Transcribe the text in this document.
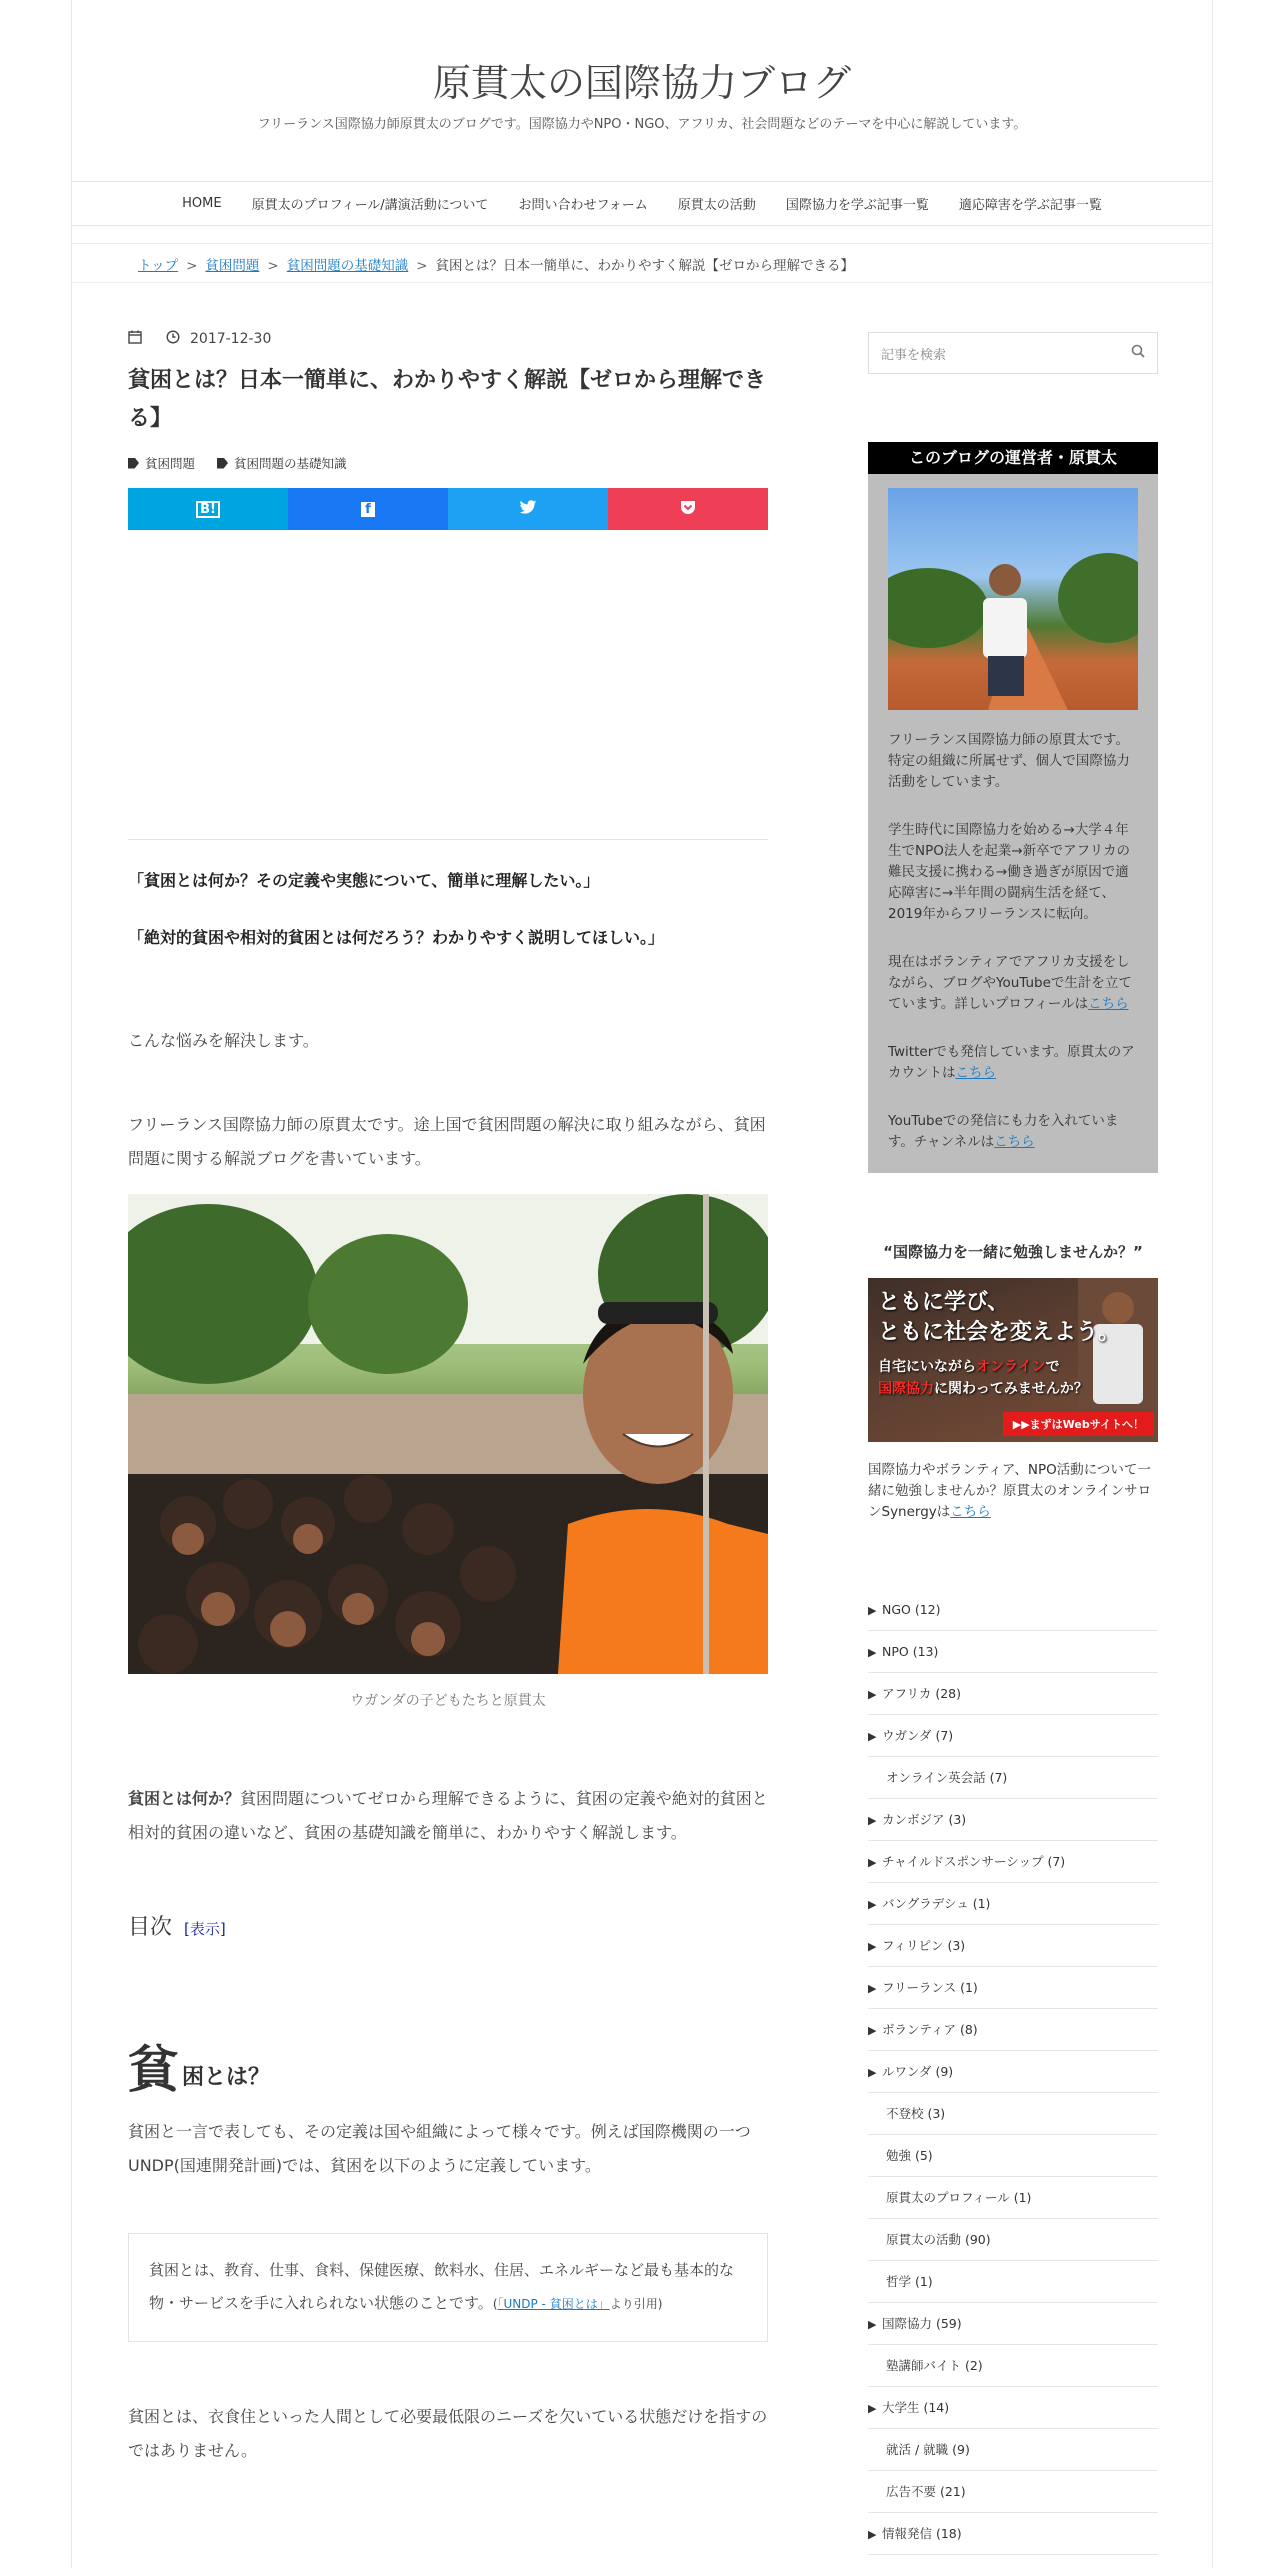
原貫太の国際協力ブログ
フリーランス国際協力師原貫太のブログです。国際協力やNPO・NGO、アフリカ、社会問題などのテーマを中心に解説しています。
HOME 原貫太のプロフィール/講演活動について お問い合わせフォーム 原貫太の活動 国際協力を学ぶ記事一覧 適応障害を学ぶ記事一覧
トップ > 貧困問題 > 貧困問題の基礎知識 > 貧困とは？日本一簡単に、わかりやすく解説【ゼロから理解できる】
2017-12-30
貧困とは？日本一簡単に、わかりやすく解説【ゼロから理解できる】
貧困問題	貧困問題の基礎知識
B!	f

「貧困とは何か？その定義や実態について、簡単に理解したい。」

「絶対的貧困や相対的貧困とは何だろう？わかりやすく説明してほしい。」

こんな悩みを解決します。

フリーランス国際協力師の原貫太です。途上国で貧困問題の解決に取り組みながら、貧困問題に関する解説ブログを書いています。

ウガンダの子どもたちと原貫太

貧困とは何か？貧困問題についてゼロから理解できるように、貧困の定義や絶対的貧困と相対的貧困の違いなど、貧困の基礎知識を簡単に、わかりやすく解説します。

目次 [表示]
貧 困とは？

貧困と一言で表しても、その定義は国や組織によって様々です。例えば国際機関の一つUNDP(国連開発計画)では、貧困を以下のように定義しています。

貧困とは、教育、仕事、食料、保健医療、飲料水、住居、エネルギーなど最も基本的な物・サービスを手に入れられない状態のことです。(「UNDP - 貧困とは」より引用)

貧困とは、衣食住といった人間として必要最低限のニーズを欠いている状態だけを指すのではありません。

記事を検索
このブログの運営者・原貫太

フリーランス国際協力師の原貫太です。特定の組織に所属せず、個人で国際協力活動をしています。

学生時代に国際協力を始める→大学４年生でNPO法人を起業→新卒でアフリカの難民支援に携わる→働き過ぎが原因で適応障害に→半年間の闘病生活を経て、2019年からフリーランスに転向。

現在はボランティアでアフリカ支援をしながら、ブログやYouTubeで生計を立てています。詳しいプロフィールはこちら

Twitterでも発信しています。原貫太のアカウントはこちら

YouTubeでの発信にも力を入れています。チャンネルはこちら

“国際協力を一緒に勉強しませんか？”
ともに学び、
ともに社会を変えよう。
自宅にいながらオンラインで
国際協力に関わってみませんか？
▶▶まずはWebサイトへ！

国際協力やボランティア、NPO活動について一緒に勉強しませんか？原貫太のオンラインサロンSynergyはこちら

▶ NGO (12)
▶ NPO (13)
▶ アフリカ (28)
▶ ウガンダ (7)
オンライン英会話 (7)
▶ カンボジア (3)
▶ チャイルドスポンサーシップ (7)
▶ バングラデシュ (1)
▶ フィリピン (3)
▶ フリーランス (1)
▶ ボランティア (8)
▶ ルワンダ (9)
不登校 (3)
勉強 (5)
原貫太のプロフィール (1)
原貫太の活動 (90)
哲学 (1)
▶ 国際協力 (59)
塾講師バイト (2)
▶ 大学生 (14)
就活 / 就職 (9)
広告不要 (21)
▶ 情報発信 (18)
